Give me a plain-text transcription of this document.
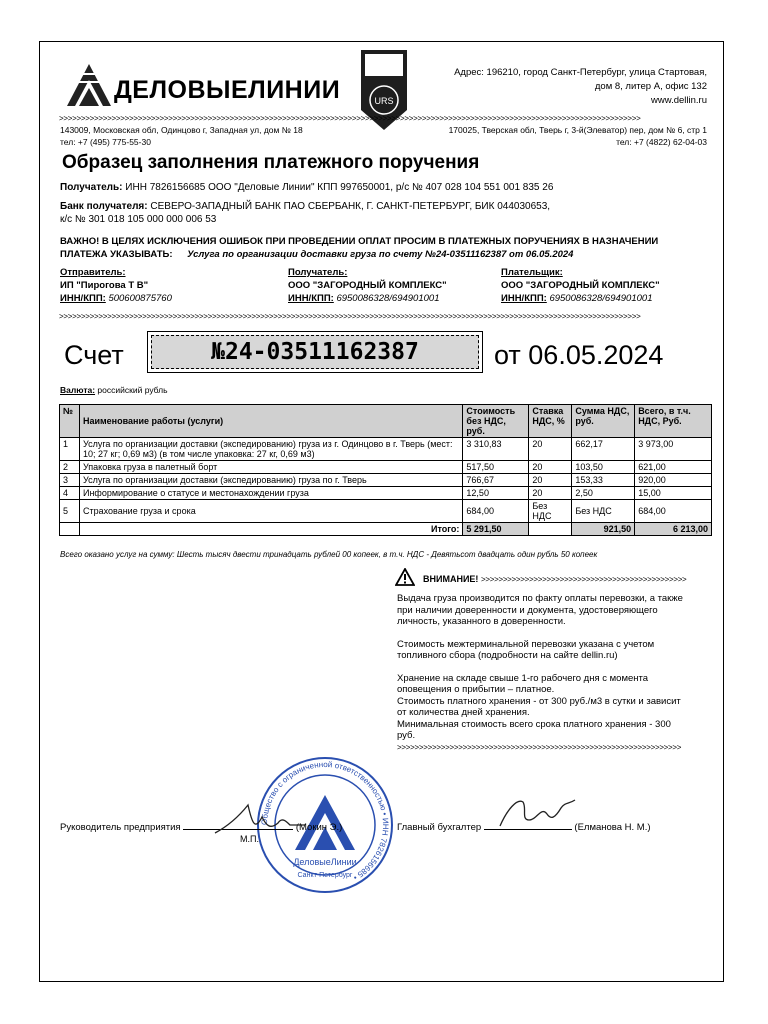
ДЕЛОВЫЕЛИНИИ	URS
Адрес: 196210, город Санкт-Петербург, улица Стартовая,
дом 8, литер А, офис 132
www.dellin.ru
>>>>>>>>>>>>>>>>>>>>>>>>>>>>>>>>>>>>>>>>>>>>>>>>>>>>>>>>>>>>>>>>>>>>>>>>>>>>>>>>>>>>>>>>>>>>>>>>>>>>>>>>>>>>>>>>>>>>>>>>>>>>>>>>>>>>>
143009, Московская обл, Одинцово г, Западная ул, дом № 18
тел: +7 (495) 775-55-30
170025, Тверская обл, Тверь г, 3-й(Элеватор) пер, дом № 6, стр 1
тел: +7 (4822) 62-04-03
Образец заполнения платежного поручения
Получатель: ИНН 7826156685 ООО "Деловые Линии" КПП 997650001, р/с № 407 028 104 551 001 835 26
Банк получателя: СЕВЕРО-ЗАПАДНЫЙ БАНК ПАО СБЕРБАНК, Г. САНКТ-ПЕТЕРБУРГ, БИК 044030653,
к/с № 301 018 105 000 000 006 53
ВАЖНО! В ЦЕЛЯХ ИСКЛЮЧЕНИЯ ОШИБОК ПРИ ПРОВЕДЕНИИ ОПЛАТ ПРОСИМ В ПЛАТЕЖНЫХ ПОРУЧЕНИЯХ В НАЗНАЧЕНИИ
ПЛАТЕЖА УКАЗЫВАТЬ: Услуга по организации доставки груза по счету №24-03511162387 от 06.05.2024
Отправитель:
ИП "Пирогова Т В"
ИНН/КПП: 500600875760
Получатель:
ООО "ЗАГОРОДНЫЙ КОМПЛЕКС"
ИНН/КПП: 6950086328/694901001
Плательщик:
ООО "ЗАГОРОДНЫЙ КОМПЛЕКС"
ИНН/КПП: 6950086328/694901001
>>>>>>>>>>>>>>>>>>>>>>>>>>>>>>>>>>>>>>>>>>>>>>>>>>>>>>>>>>>>>>>>>>>>>>>>>>>>>>>>>>>>>>>>>>>>>>>>>>>>>>>>>>>>>>>>>>>>>>>>>>>>>>>>>>>>>
Счет	№24-03511162387	от 06.05.2024
Валюта: российский рубль
№	Наименование работы (услуги)	Стоимость без НДС, руб.	Ставка НДС, %	Сумма НДС, руб.	Всего, в т.ч. НДС, Руб.
1	Услуга по организации доставки (экспедированию) груза из г. Одинцово в г. Тверь (мест: 10; 27 кг; 0,69 м3) (в том числе упаковка: 27 кг, 0,69 м3)	3 310,83	20	662,17	3 973,00
2	Упаковка груза в палетный борт	517,50	20	103,50	621,00
3	Услуга по организации доставки (экспедированию) груза по г. Тверь	766,67	20	153,33	920,00
4	Информирование о статусе и местонахождении груза	12,50	20	2,50	15,00
5	Страхование груза и срока	684,00	Без НДС	Без НДС	684,00
	Итого:	5 291,50		921,50	6 213,00
Всего оказано услуг на сумму: Шесть тысяч двести тринадцать рублей 00 копеек, в т.ч. НДС - Девятьсот двадцать один рубль 50 копеек
ВНИМАНИЕ! >>>>>>>>>>>>>>>>>>>>>>>>>>>>>>>>>>>>>>>>>>>>>>>
Выдача груза производится по факту оплаты перевозки, а также
при наличии доверенности и документа, удостоверяющего
личность, указанного в доверенности.
Стоимость межтерминальной перевозки указана с учетом
топливного сбора (подробности на сайте dellin.ru)
Хранение на складе свыше 1-го рабочего дня с момента
оповещения о прибытии – платное.
Стоимость платного хранения - от 300 руб./м3 в сутки и зависит
от количества дней хранения.
Минимальная стоимость всего срока платного хранения - 300
руб.
>>>>>>>>>>>>>>>>>>>>>>>>>>>>>>>>>>>>>>>>>>>>>>>>>>>>>>>>>>>>>>>>>
Общество с ограниченной ответственностью • ИНН 7826156685 •
ДеловыеЛинии
Санкт-Петербург
Руководитель предприятия	(Мокин Э.)
М.П.
Главный бухгалтер	(Елманова Н. М.)
